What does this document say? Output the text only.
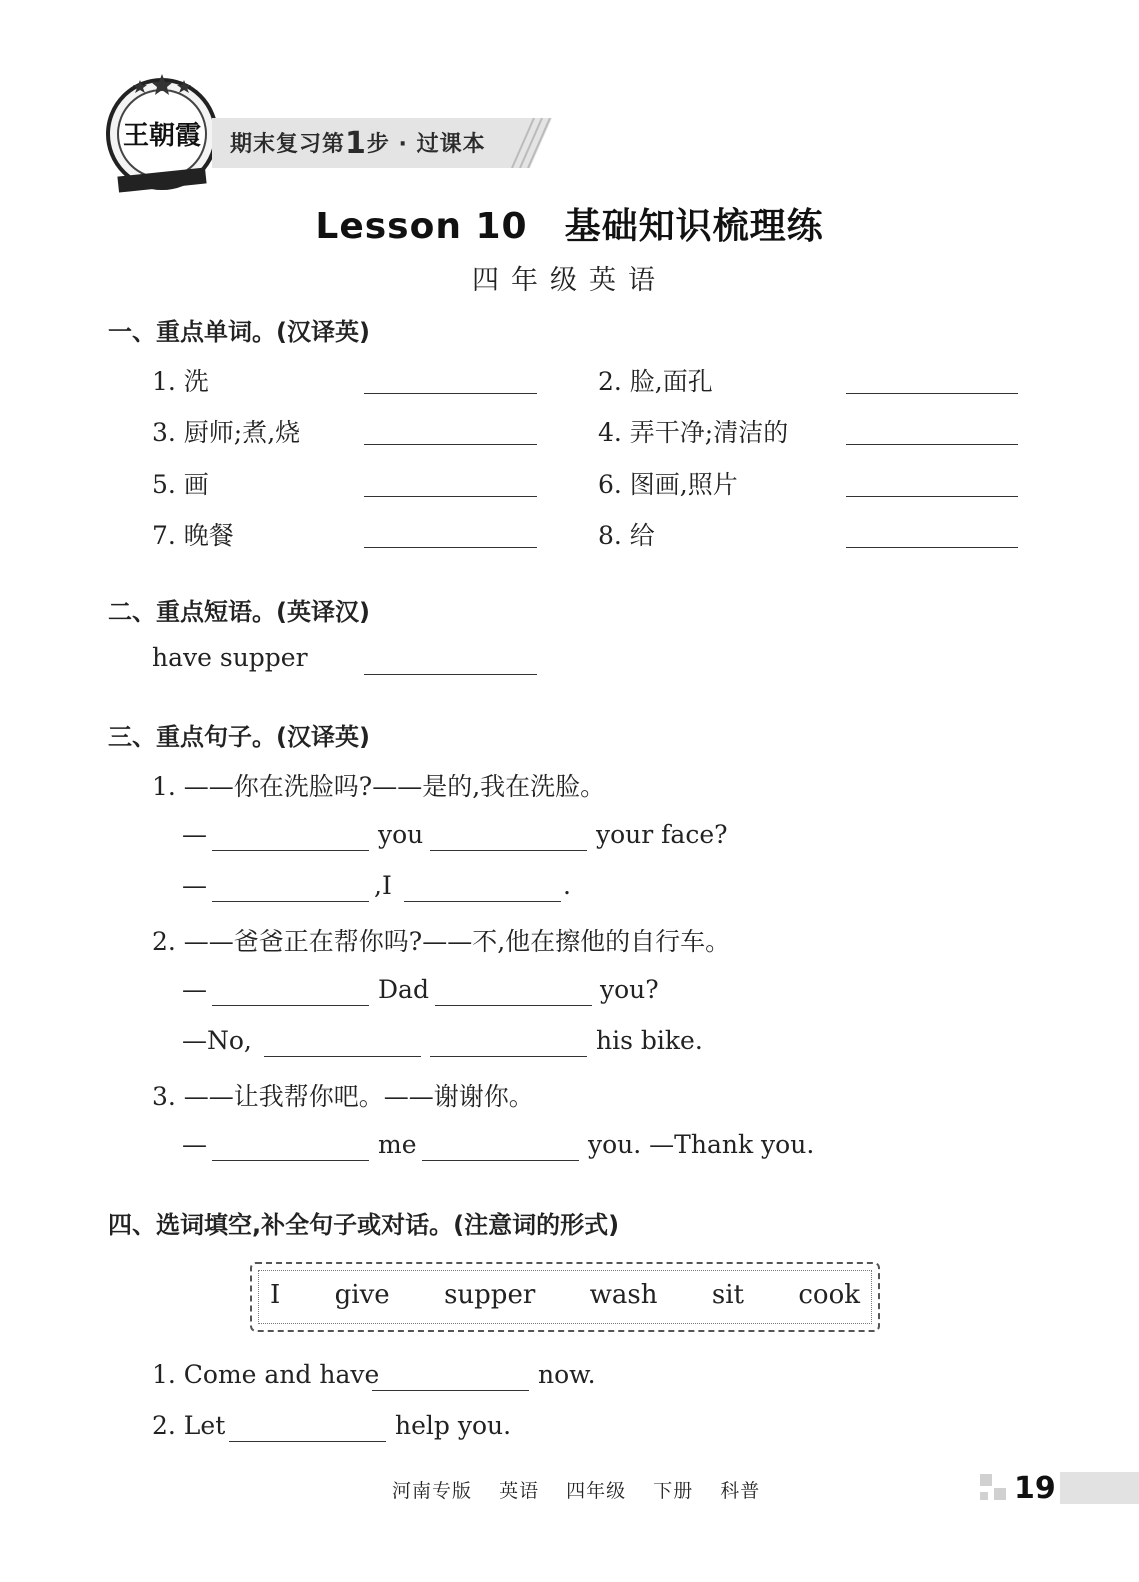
王朝霞 期末复习第1步 · 过课本
Lesson 10　基础知识梳理练
四年级英语
一、重点单词。(汉译英)
1. 洗	2. 脸,面孔
3. 厨师;煮,烧	4. 弄干净;清洁的
5. 画	6. 图画,照片
7. 晚餐	8. 给
二、重点短语。(英译汉)
have supper
三、重点句子。(汉译英)
1. ——你在洗脸吗?——是的,我在洗脸。
—	you	your face?
—	,I	.
2. ——爸爸正在帮你吗?——不,他在擦他的自行车。
—	Dad	you?
—No,	his bike.
3. ——让我帮你吧。——谢谢你。
—	me	you. —Thank you.
四、选词填空,补全句子或对话。(注意词的形式)
I give supper wash sit cook
1. Come and have	now.
2. Let	help you.
河南专版 英语 四年级 下册 科普	19
